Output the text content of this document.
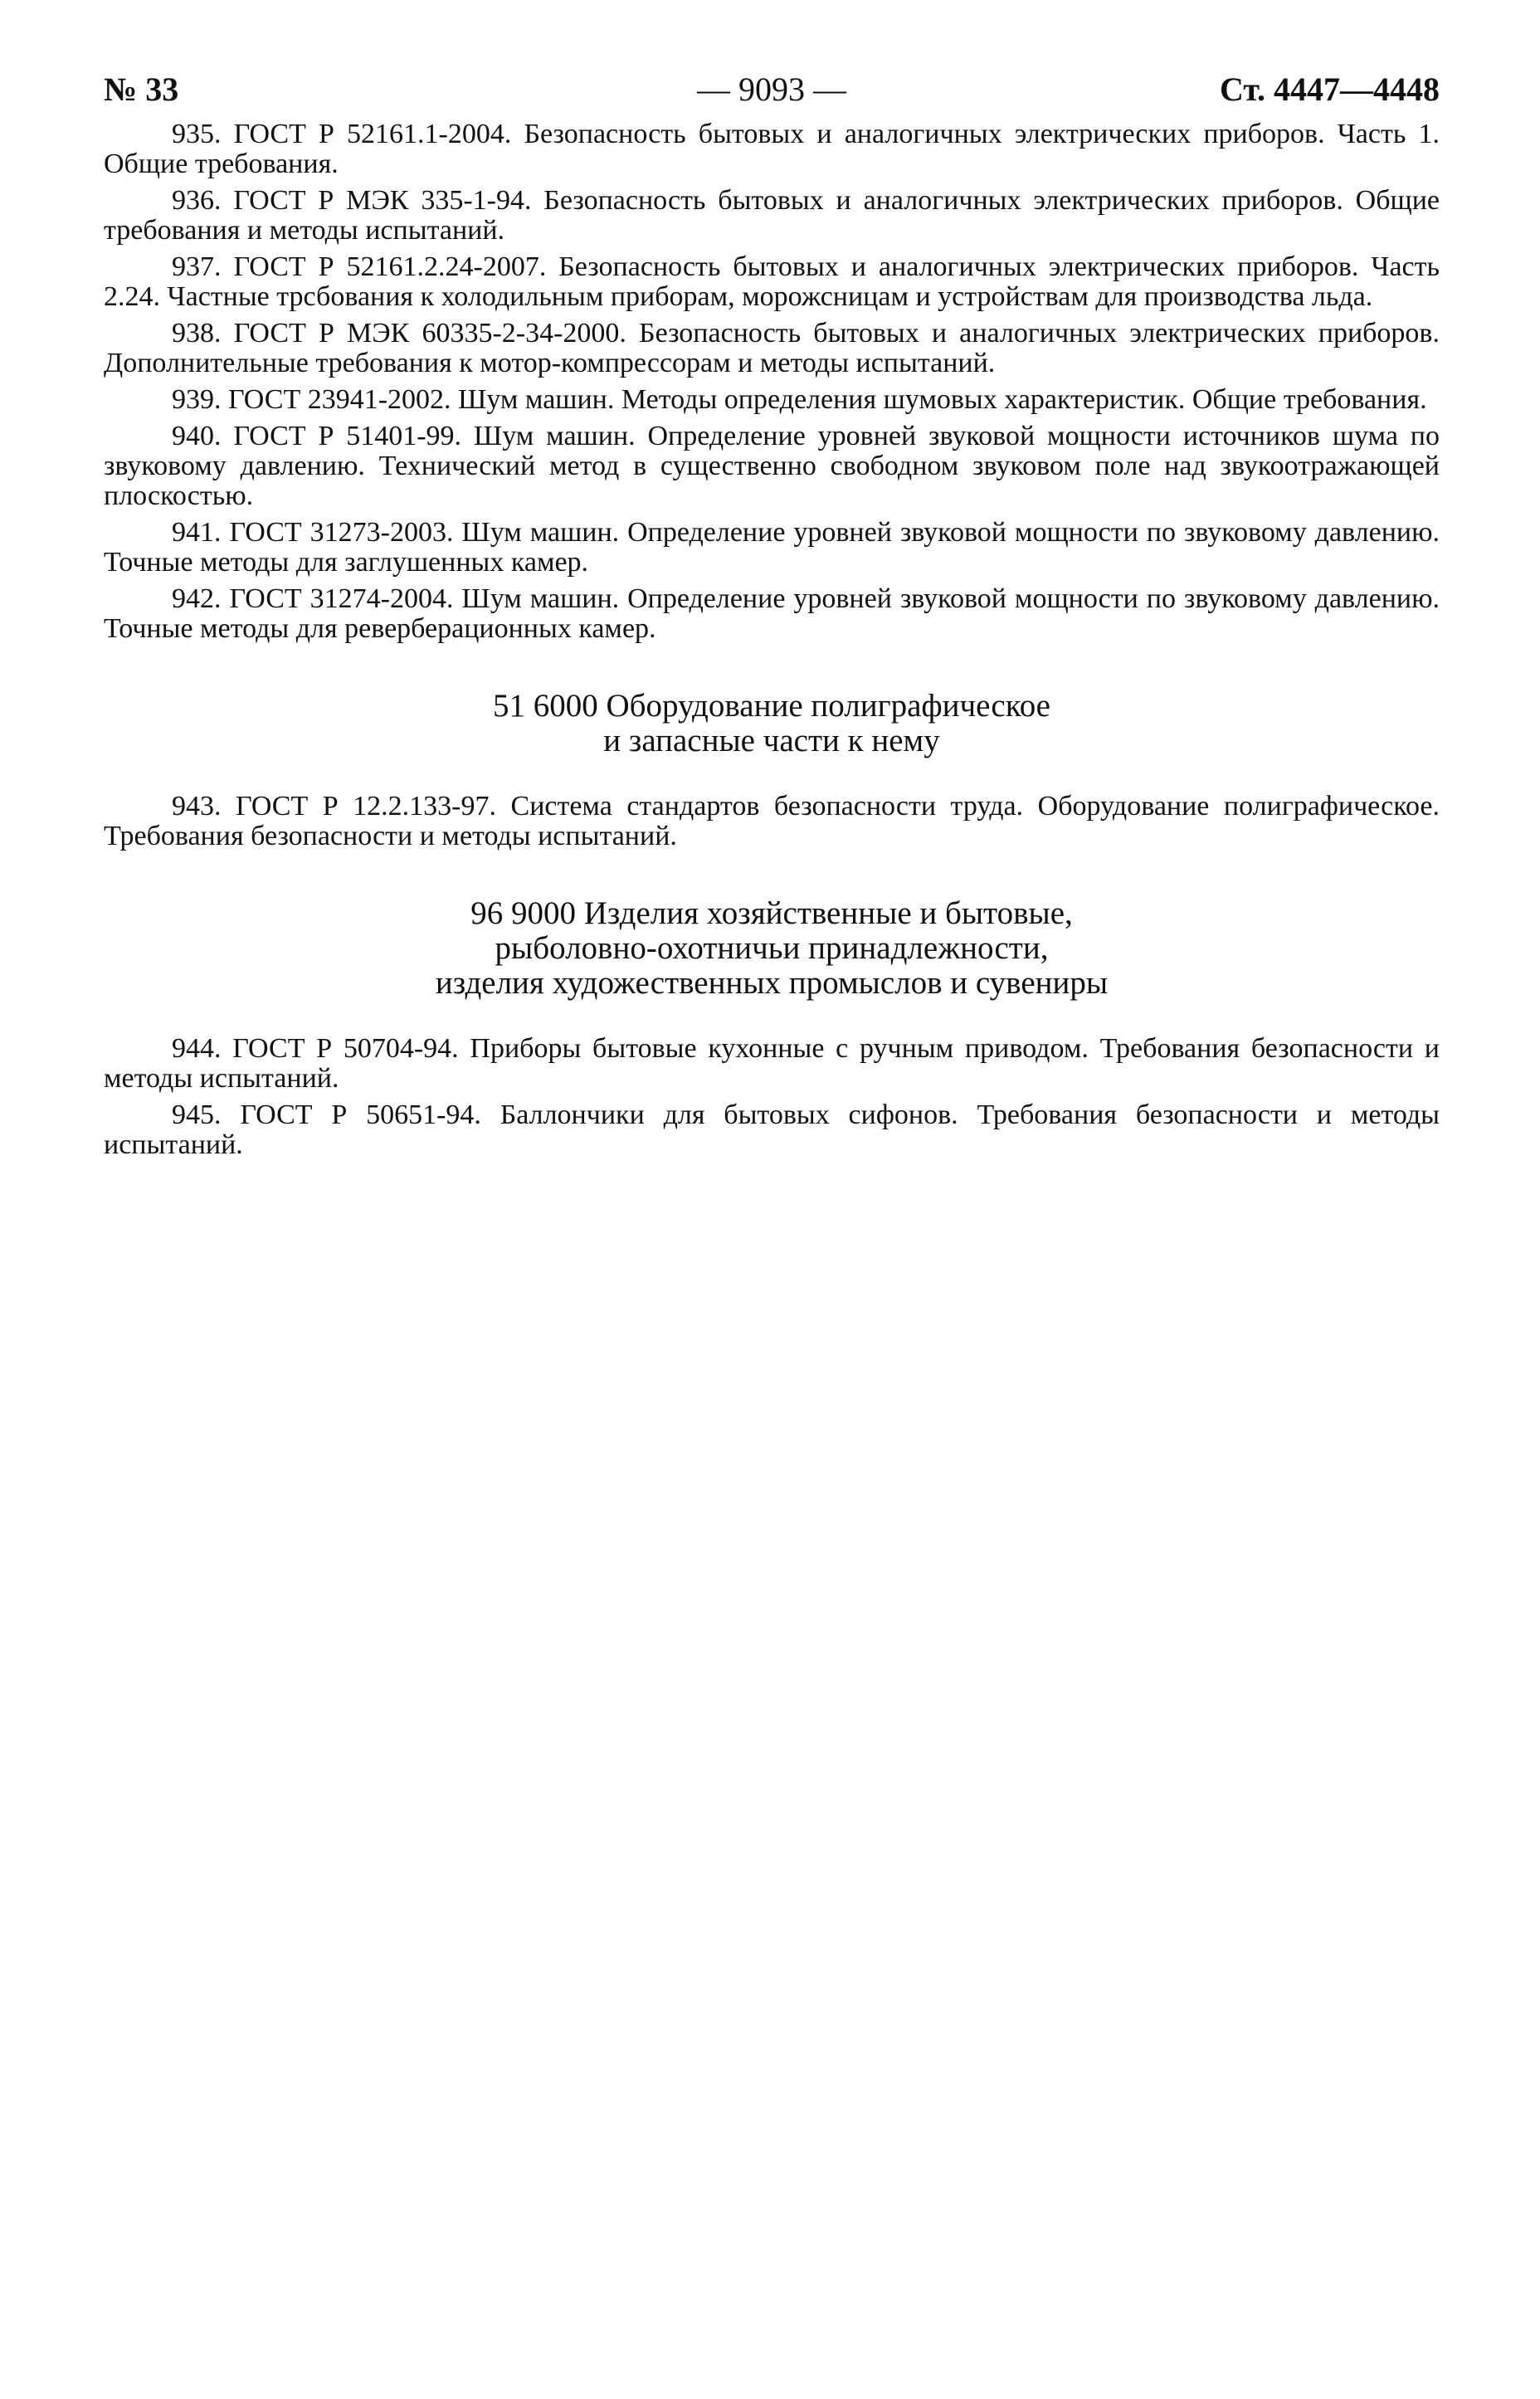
№ 33	— 9093 —	Ст. 4447—4448

935. ГОСТ Р 52161.1-2004. Безопасность бытовых и аналогичных электрических приборов. Часть 1. Общие требования.

936. ГОСТ Р МЭК 335-1-94. Безопасность бытовых и аналогичных электрических приборов. Общие требования и методы испытаний.

937. ГОСТ Р 52161.2.24-2007. Безопасность бытовых и аналогичных электрических приборов. Часть 2.24. Частные трсбования к холодильным приборам, морожсницам и устройствам для производства льда.

938. ГОСТ Р МЭК 60335-2-34-2000. Безопасность бытовых и аналогичных электрических приборов. Дополнительные требования к мотор-компрессорам и методы испытаний.

939. ГОСТ 23941-2002. Шум машин. Методы определения шумовых характеристик. Общие требования.

940. ГОСТ Р 51401-99. Шум машин. Определение уровней звуковой мощности источников шума по звуковому давлению. Технический метод в существенно свободном звуковом поле над звукоотражающей плоскостью.

941. ГОСТ 31273-2003. Шум машин. Определение уровней звуковой мощности по звуковому давлению. Точные методы для заглушенных камер.

942. ГОСТ 31274-2004. Шум машин. Определение уровней звуковой мощности по звуковому давлению. Точные методы для реверберационных камер.

51 6000 Оборудование полиграфическое
и запасные части к нему

943. ГОСТ Р 12.2.133-97. Система стандартов безопасности труда. Оборудование полиграфическое. Требования безопасности и методы испытаний.

96 9000 Изделия хозяйственные и бытовые,
рыболовно-охотничьи принадлежности,
изделия художественных промыслов и сувениры

944. ГОСТ Р 50704-94. Приборы бытовые кухонные с ручным приводом. Требования безопасности и методы испытаний.

945. ГОСТ Р 50651-94. Баллончики для бытовых сифонов. Требования безопасности и методы испытаний.
